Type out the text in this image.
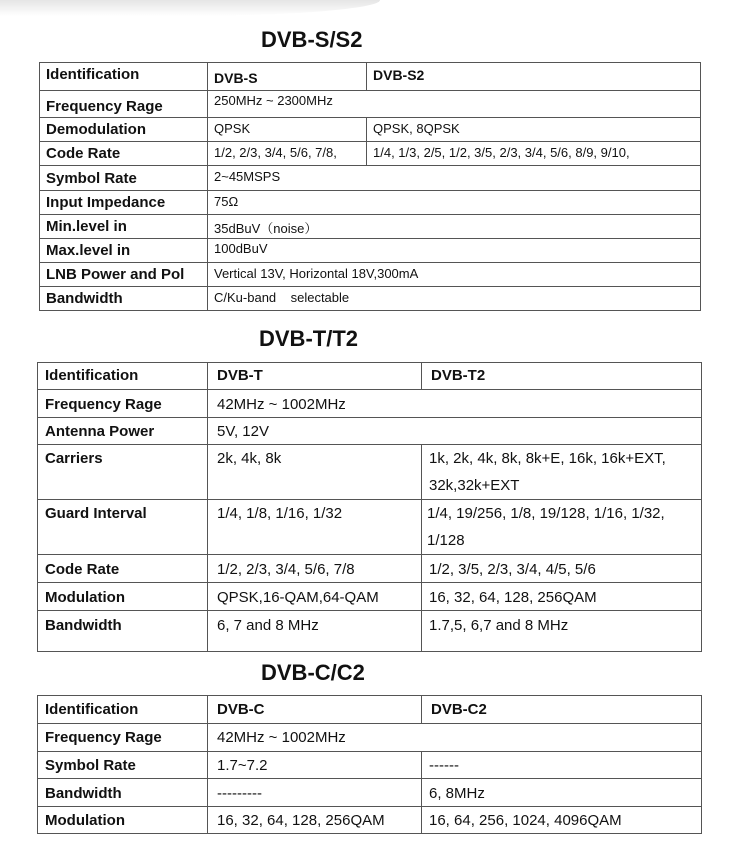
DVB-S/S2
Identification	DVB-S	DVB-S2
Frequency Rage	250MHz ~ 2300MHz	
Demodulation	QPSK	QPSK, 8QPSK
Code Rate	1/2, 2/3, 3/4, 5/6, 7/8,	1/4, 1/3, 2/5, 1/2, 3/5, 2/3, 3/4, 5/6, 8/9, 9/10,
Symbol Rate	2~45MSPS	
Input Impedance	75Ω	
Min.level in	35dBuV（noise）	
Max.level in	100dBuV	
LNB Power and Pol	Vertical 13V, Horizontal 18V,300mA	
Bandwidth	C/Ku-band    selectable	
DVB-T/T2
Identification	DVB-T	DVB-T2
Frequency Rage	42MHz ~ 1002MHz	
Antenna Power	5V, 12V	
Carriers	2k, 4k, 8k	1k, 2k, 4k, 8k, 8k+E, 16k, 16k+EXT, 32k,32k+EXT
Guard Interval	1/4, 1/8, 1/16, 1/32	1/4, 19/256, 1/8, 19/128, 1/16, 1/32, 1/128
Code Rate	1/2, 2/3, 3/4, 5/6, 7/8	1/2, 3/5, 2/3, 3/4, 4/5, 5/6
Modulation	QPSK,16-QAM,64-QAM	16, 32, 64, 128, 256QAM
Bandwidth	6, 7 and 8 MHz	1.7,5, 6,7 and 8 MHz
DVB-C/C2
Identification	DVB-C	DVB-C2
Frequency Rage	42MHz ~ 1002MHz	
Symbol Rate	1.7~7.2	------
Bandwidth	---------	6, 8MHz
Modulation	16, 32, 64, 128, 256QAM	16, 64, 256, 1024, 4096QAM
